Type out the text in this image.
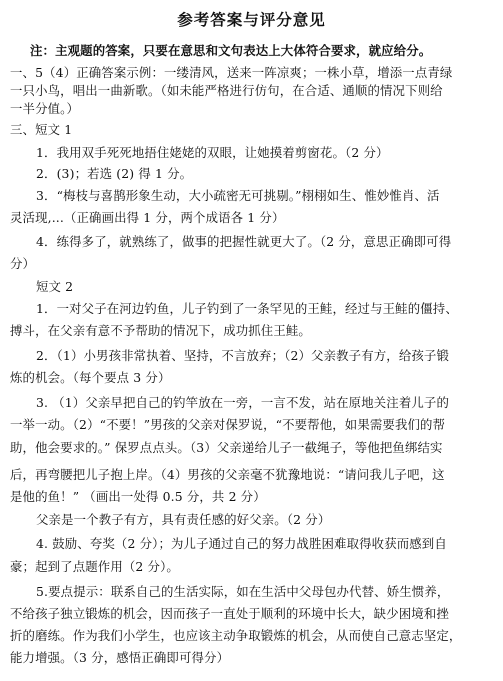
参考答案与评分意见
注：主观题的答案，只要在意思和文句表达上大体符合要求，就应给分。
一、5（4）正确答案示例：一缕清风，送来一阵凉爽；一株小草，增添一点青绿
一只小鸟，唱出一曲新歌。（如未能严格进行仿句，在合适、通顺的情况下则给
一半分值。）
三、短文 1
1．我用双手死死地捂住姥姥的双眼，让她摸着剪窗花。（2 分）
2．(3)；若选 (2) 得 1 分。
3．“梅枝与喜鹊形象生动，大小疏密无可挑剔。”栩栩如生、惟妙惟肖、活
灵活现,...（正确画出得 1 分，两个成语各 1 分）
4．练得多了，就熟练了，做事的把握性就更大了。（2 分，意思正确即可得
分）
短文 2
1．一对父子在河边钓鱼，儿子钓到了一条罕见的王鲑，经过与王鲑的僵持、
搏斗，在父亲有意不予帮助的情况下，成功抓住王鲑。
2．（1）小男孩非常执着、坚持，不言放弃；（2）父亲教子有方，给孩子锻
炼的机会。（每个要点 3 分）
3. （1）父亲早把自己的钓竿放在一旁，一言不发，站在原地关注着儿子的
一举一动。（2）“不要！”男孩的父亲对保罗说，“不要帮他，如果需要我们的帮
助，他会要求的。” 保罗点点头。（3）父亲递给儿子一截绳子，等他把鱼绑结实
后，再弯腰把儿子抱上岸。（4）男孩的父亲毫不犹豫地说：“请问我儿子吧，这
是他的鱼！” （画出一处得 0.5 分，共 2 分）
父亲是一个教子有方，具有责任感的好父亲。（2 分）
4. 鼓励、夸奖（2 分）；为儿子通过自己的努力战胜困难取得收获而感到自
豪；起到了点题作用（2 分）。
5.要点提示：联系自己的生活实际，如在生活中父母包办代替、娇生惯养，
不给孩子独立锻炼的机会，因而孩子一直处于顺利的环境中长大，缺少困境和挫
折的磨练。作为我们小学生，也应该主动争取锻炼的机会，从而使自己意志坚定，
能力增强。（3 分，感悟正确即可得分）
